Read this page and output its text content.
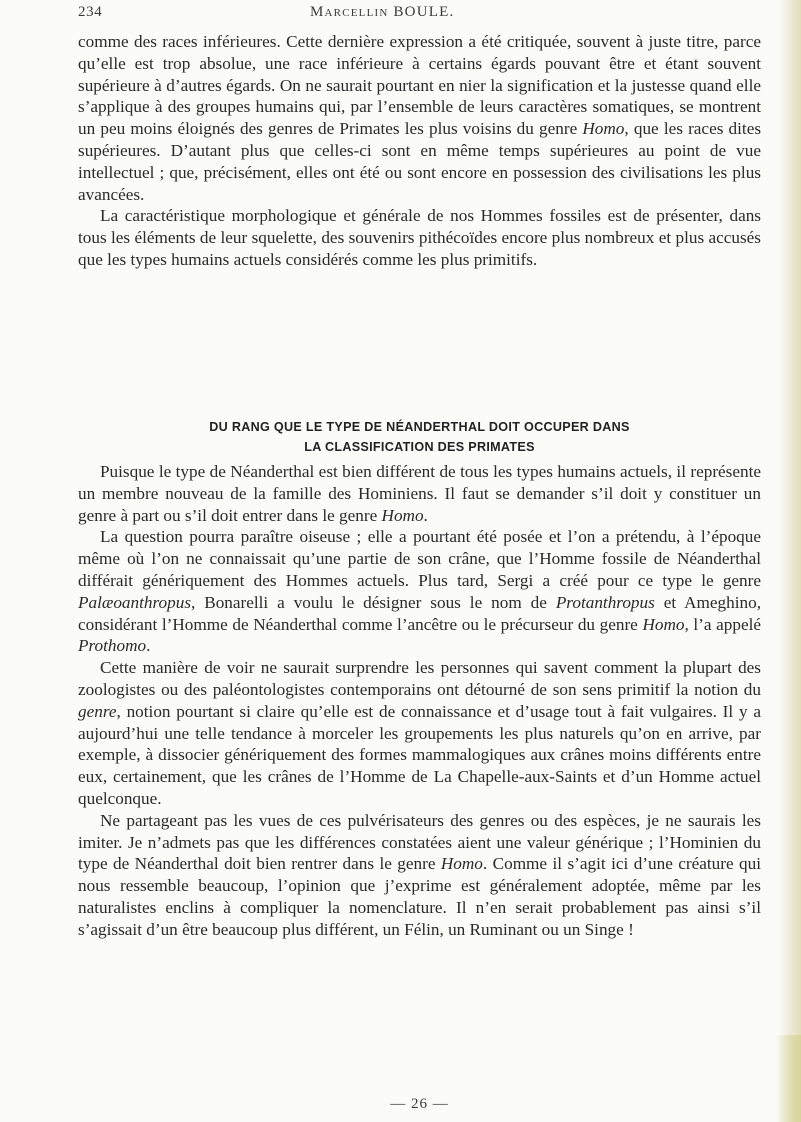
234	Marcellin BOULE.

comme des races inférieures. Cette dernière expression a été critiquée, souvent à juste titre, parce qu’elle est trop absolue, une race inférieure à certains égards pouvant être et étant souvent supérieure à d’autres égards. On ne saurait pourtant en nier la signification et la justesse quand elle s’applique à des groupes humains qui, par l’ensemble de leurs caractères somatiques, se montrent un peu moins éloignés des genres de Primates les plus voisins du genre Homo, que les races dites supérieures. D’autant plus que celles-ci sont en même temps supérieures au point de vue intellectuel ; que, précisément, elles ont été ou sont encore en possession des civilisations les plus avancées.

La caractéristique morphologique et générale de nos Hommes fossiles est de présenter, dans tous les éléments de leur squelette, des souvenirs pithécoïdes encore plus nombreux et plus accusés que les types humains actuels considérés comme les plus primitifs.

DU RANG QUE LE TYPE DE NÉANDERTHAL DOIT OCCUPER DANS
LA CLASSIFICATION DES PRIMATES

Puisque le type de Néanderthal est bien différent de tous les types humains actuels, il représente un membre nouveau de la famille des Hominiens. Il faut se demander s’il doit y constituer un genre à part ou s’il doit entrer dans le genre Homo.

La question pourra paraître oiseuse ; elle a pourtant été posée et l’on a prétendu, à l’époque même où l’on ne connaissait qu’une partie de son crâne, que l’Homme fossile de Néanderthal différait génériquement des Hommes actuels. Plus tard, Sergi a créé pour ce type le genre Palæoanthropus, Bonarelli a voulu le désigner sous le nom de Protanthropus et Ameghino, considérant l’Homme de Néanderthal comme l’ancêtre ou le précurseur du genre Homo, l’a appelé Prothomo.

Cette manière de voir ne saurait surprendre les personnes qui savent comment la plupart des zoologistes ou des paléontologistes contemporains ont détourné de son sens primitif la notion du genre, notion pourtant si claire qu’elle est de connaissance et d’usage tout à fait vulgaires. Il y a aujourd’hui une telle tendance à morceler les groupements les plus naturels qu’on en arrive, par exemple, à dissocier génériquement des formes mammalogiques aux crânes moins différents entre eux, certainement, que les crânes de l’Homme de La Chapelle-aux-Saints et d’un Homme actuel quelconque.

Ne partageant pas les vues de ces pulvérisateurs des genres ou des espèces, je ne saurais les imiter. Je n’admets pas que les différences constatées aient une valeur générique ; l’Hominien du type de Néanderthal doit bien rentrer dans le genre Homo. Comme il s’agit ici d’une créature qui nous ressemble beaucoup, l’opinion que j’exprime est généralement adoptée, même par les naturalistes enclins à compliquer la nomenclature. Il n’en serait probablement pas ainsi s’il s’agissait d’un être beaucoup plus différent, un Félin, un Ruminant ou un Singe !

— 26 —
